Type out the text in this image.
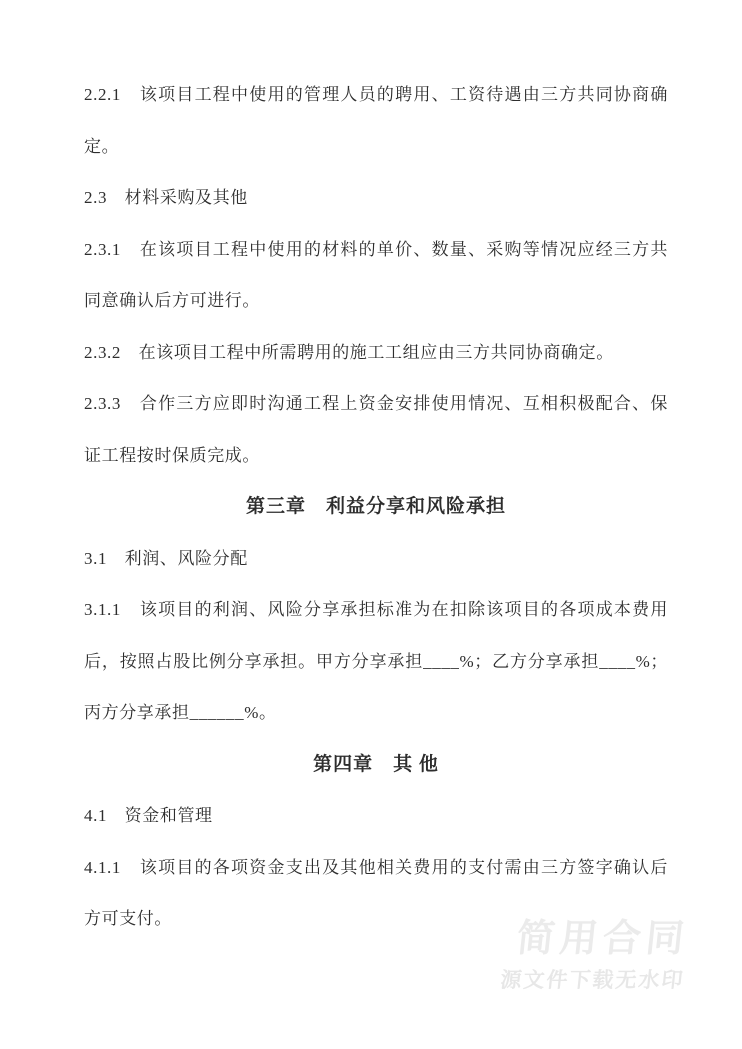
2.2.1　该项目工程中使用的管理人员的聘用、工资待遇由三方共同协商确
定。
2.3　材料采购及其他
2.3.1　在该项目工程中使用的材料的单价、数量、采购等情况应经三方共
同意确认后方可进行。
2.3.2　在该项目工程中所需聘用的施工工组应由三方共同协商确定。
2.3.3　合作三方应即时沟通工程上资金安排使用情况、互相积极配合、保
证工程按时保质完成。
第三章　利益分享和风险承担
3.1　利润、风险分配
3.1.1　该项目的利润、风险分享承担标准为在扣除该项目的各项成本费用
后，按照占股比例分享承担。甲方分享承担____%；乙方分享承担____%；
丙方分享承担______%。
第四章　其 他
4.1　资金和管理
4.1.1　该项目的各项资金支出及其他相关费用的支付需由三方签字确认后
方可支付。	简用合同
源文件下载无水印
